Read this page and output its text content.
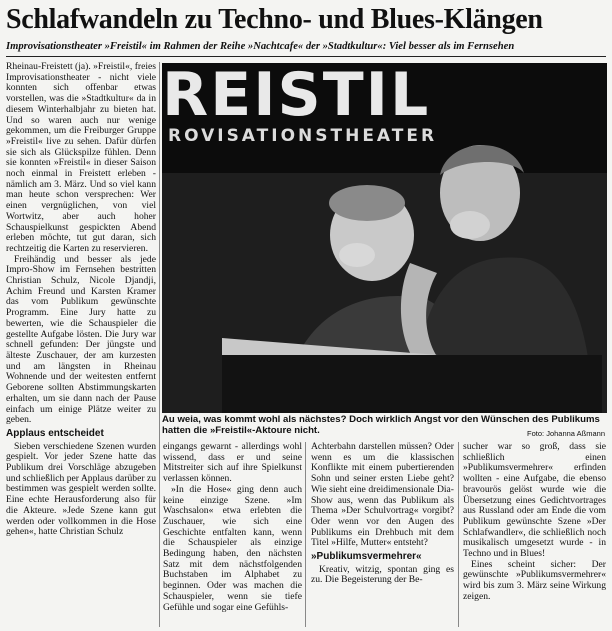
Schlafwandeln zu Techno- und Blues-Klängen
Improvisationstheater »Freistil« im Rahmen der Reihe »Nachtcafe« der »Stadtkultur«: Viel besser als im Fernsehen

Rheinau-Freistett (ja). »Freistil«, freies Improvisationstheater - nicht viele konnten sich offenbar etwas vorstellen, was die »Stadtkultur« da in diesem Winterhalbjahr zu bieten hat. Und so waren auch nur wenige gekommen, um die Freiburger Gruppe »Freistil« live zu sehen. Dafür dürfen sie sich als Glückspilze fühlen. Denn sie konnten »Freistil« in dieser Saison noch einmal in Freistett erleben - nämlich am 3. März. Und so viel kann man heute schon versprechen: Wer einen vergnüglichen, von viel Wortwitz, aber auch hoher Schauspielkunst gespickten Abend erleben möchte, tut gut daran, sich rechtzeitig die Karten zu reservieren.

Freihändig und besser als jede Impro-Show im Fernsehen bestritten Christian Schulz, Nicole Djandji, Achim Freund und Karsten Kramer das vom Publikum gewünschte Programm. Eine Jury hatte zu bewerten, wie die Schauspieler die gestellte Aufgabe lösten. Die Jury war schnell gefunden: Der jüngste und älteste Zuschauer, der am kurzesten und am längsten in Rheinau Wohnende und der weitesten entfernt Geborene sollten Abstimmungskarten erhalten, um sie dann nach der Pause einfach um einige Plätze weiter zu geben.

Applaus entscheidet

Sieben verschiedene Szenen wurden gespielt. Vor jeder Szene hatte das Publikum drei Vorschläge abzugeben und schließlich per Applaus darüber zu bestimmen was gespielt werden sollte. Eine echte Herausforderung also für die Akteure. »Jede Szene kann gut werden oder vollkommen in die Hose gehen«, hatte Christian Schulz

REISTIL
ROVISATIONSTHEATER
Au weia, was kommt wohl als nächstes? Doch wirklich Angst vor den Wünschen des Publikums hatten die »Freistil«-Aktoure nicht.	Foto: Johanna Aßmann

eingangs gewarnt - allerdings wohl wissend, dass er und seine Mitstreiter sich auf ihre Spielkunst verlassen können.

»In die Hose« ging denn auch keine einzige Szene. »Im Waschsalon« etwa erlebten die Zuschauer, wie sich eine Geschichte entfalten kann, wenn die Schauspieler als einzige Bedingung haben, den nächsten Satz mit dem nächstfolgenden Buchstaben im Alphabet zu beginnen. Oder was machen die Schauspieler, wenn sie tiefe Gefühle und sogar eine Gefühls-

Achterbahn darstellen müssen? Oder wenn es um die klassischen Konflikte mit einem pubertierenden Sohn und seiner ersten Liebe geht? Wie sieht eine dreidimensionale Dia-Show aus, wenn das Publikum als Thema »Der Schulvortrag« vorgibt? Oder wenn vor den Augen des Publikums ein Drehbuch mit dem Titel »Hilfe, Mutter« entsteht?

»Publikumsvermehrer«

Kreativ, witzig, spontan ging es zu. Die Begeisterung der Be-

sucher war so groß, dass sie schließlich einen »Publikumsvermehrer« erfinden wollten - eine Aufgabe, die ebenso bravourös gelöst wurde wie die Übersetzung eines Gedichtvortrages aus Russland oder am Ende die vom Publikum gewünschte Szene »Der Schlafwandler«, die schließlich noch musikalisch umgesetzt wurde - in Techno und in Blues!

Eines scheint sicher: Der gewünschte »Publikumsvermehrer« wird bis zum 3. März seine Wirkung zeigen.
